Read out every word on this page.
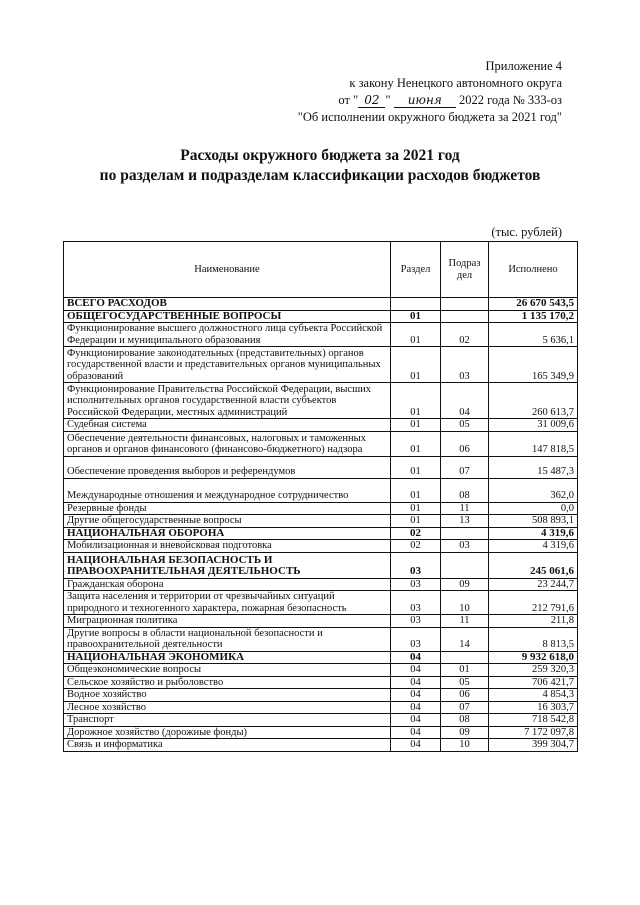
Приложение 4
к закону Ненецкого автономного округа
от " 02 " июня 2022 года № 333-оз
"Об исполнении окружного бюджета за 2021 год"
Расходы окружного бюджета за 2021 год
по разделам и подразделам классификации расходов бюджетов
(тыс. рублей)
Наименование	Раздел	Подраз дел	Исполнено
ВСЕГО РАСХОДОВ			26 670 543,5
ОБЩЕГОСУДАРСТВЕННЫЕ ВОПРОСЫ	01		1 135 170,2
Функционирование высшего должностного лица субъекта Российской Федерации и муниципального образования	01	02	5 636,1
Функционирование законодательных (представительных) органов государственной власти и представительных органов муниципальных образований	01	03	165 349,9
Функционирование Правительства Российской Федерации, высших исполнительных органов государственной власти субъектов Российской Федерации, местных администраций	01	04	260 613,7
Судебная система	01	05	31 009,6
Обеспечение деятельности финансовых, налоговых и таможенных органов и органов финансового (финансово-бюджетного) надзора	01	06	147 818,5
Обеспечение проведения выборов и референдумов	01	07	15 487,3
Международные отношения и международное сотрудничество	01	08	362,0
Резервные фонды	01	11	0,0
Другие общегосударственные вопросы	01	13	508 893,1
НАЦИОНАЛЬНАЯ ОБОРОНА	02		4 319,6
Мобилизационная и вневойсковая подготовка	02	03	4 319,6
НАЦИОНАЛЬНАЯ БЕЗОПАСНОСТЬ И ПРАВООХРАНИТЕЛЬНАЯ ДЕЯТЕЛЬНОСТЬ	03		245 061,6
Гражданская оборона	03	09	23 244,7
Защита населения и территории от чрезвычайных ситуаций природного и техногенного характера, пожарная безопасность	03	10	212 791,6
Миграционная политика	03	11	211,8
Другие вопросы в области национальной безопасности и правоохранительной деятельности	03	14	8 813,5
НАЦИОНАЛЬНАЯ ЭКОНОМИКА	04		9 932 618,0
Общеэкономические вопросы	04	01	259 320,3
Сельское хозяйство и рыболовство	04	05	706 421,7
Водное хозяйство	04	06	4 854,3
Лесное хозяйство	04	07	16 303,7
Транспорт	04	08	718 542,8
Дорожное хозяйство (дорожные фонды)	04	09	7 172 097,8
Связь и информатика	04	10	399 304,7
